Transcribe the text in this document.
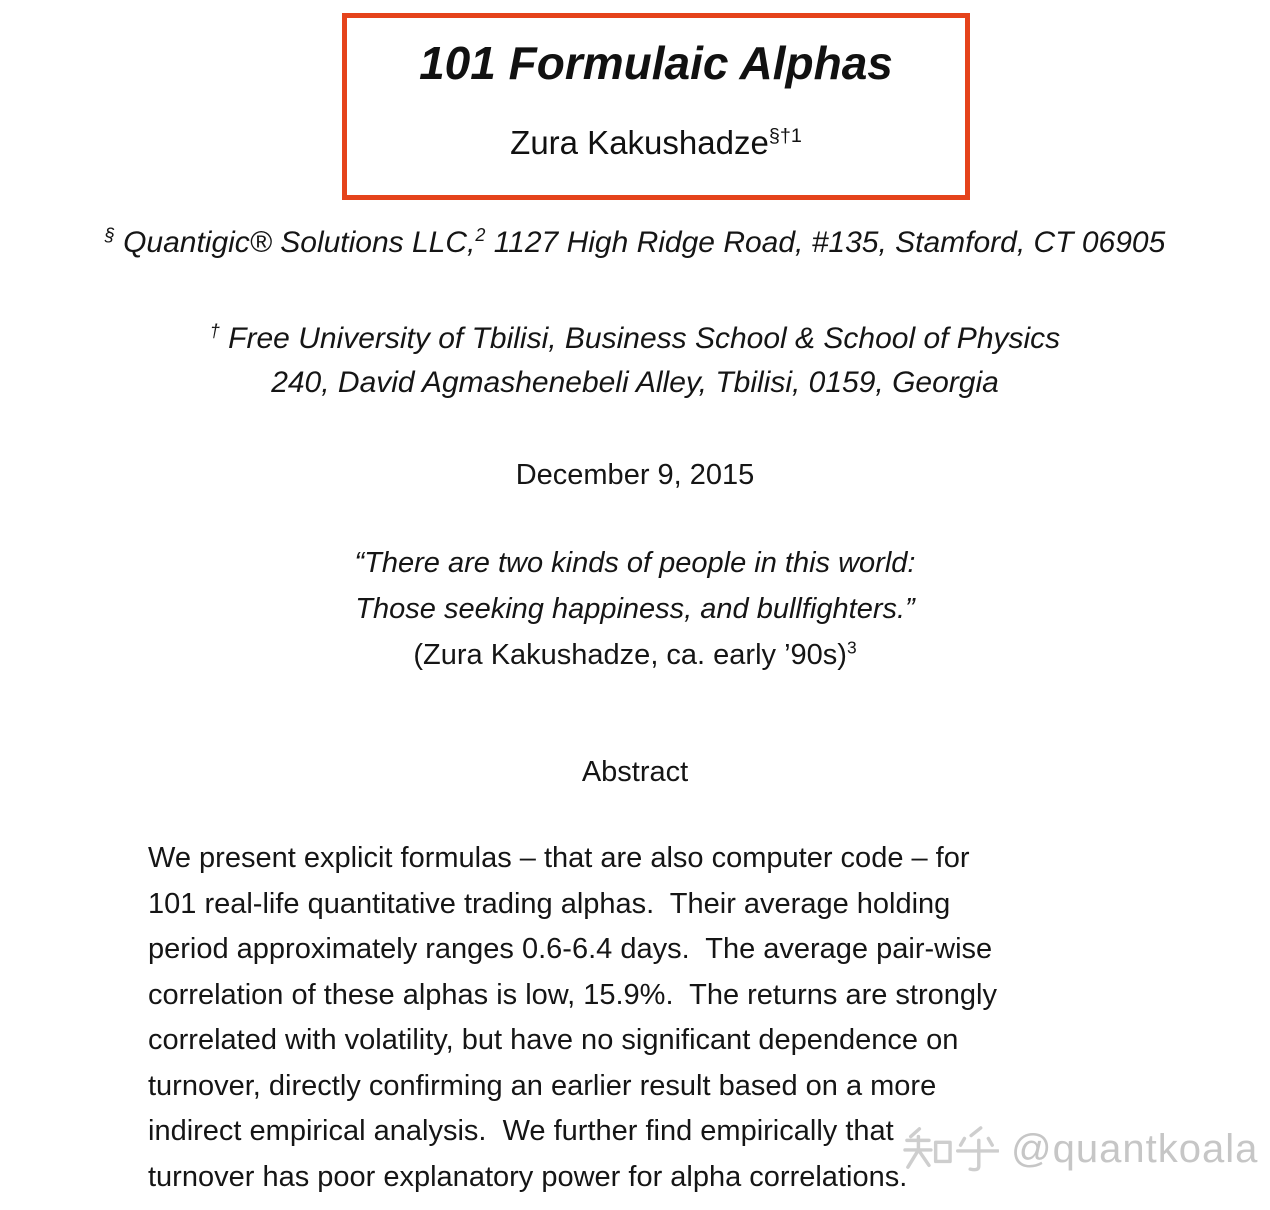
101 Formulaic Alphas
Zura Kakushadze$^{\S\dagger 1}$
§ Quantigic® Solutions LLC,$^2$ 1127 High Ridge Road, #135, Stamford, CT 06905
† Free University of Tbilisi, Business School & School of Physics
240, David Agmashenebeli Alley, Tbilisi, 0159, Georgia
December 9, 2015
“There are two kinds of people in this world:
Those seeking happiness, and bullfighters.”
(Zura Kakushadze, ca. early ’90s)$^3$
Abstract
We present explicit formulas – that are also computer code – for
101 real-life quantitative trading alphas.  Their average holding
period approximately ranges 0.6-6.4 days.  The average pair-wise
correlation of these alphas is low, 15.9%.  The returns are strongly
correlated with volatility, but have no significant dependence on
turnover, directly confirming an earlier result based on a more
indirect empirical analysis.  We further find empirically that
turnover has poor explanatory power for alpha correlations.
@quantkoala
